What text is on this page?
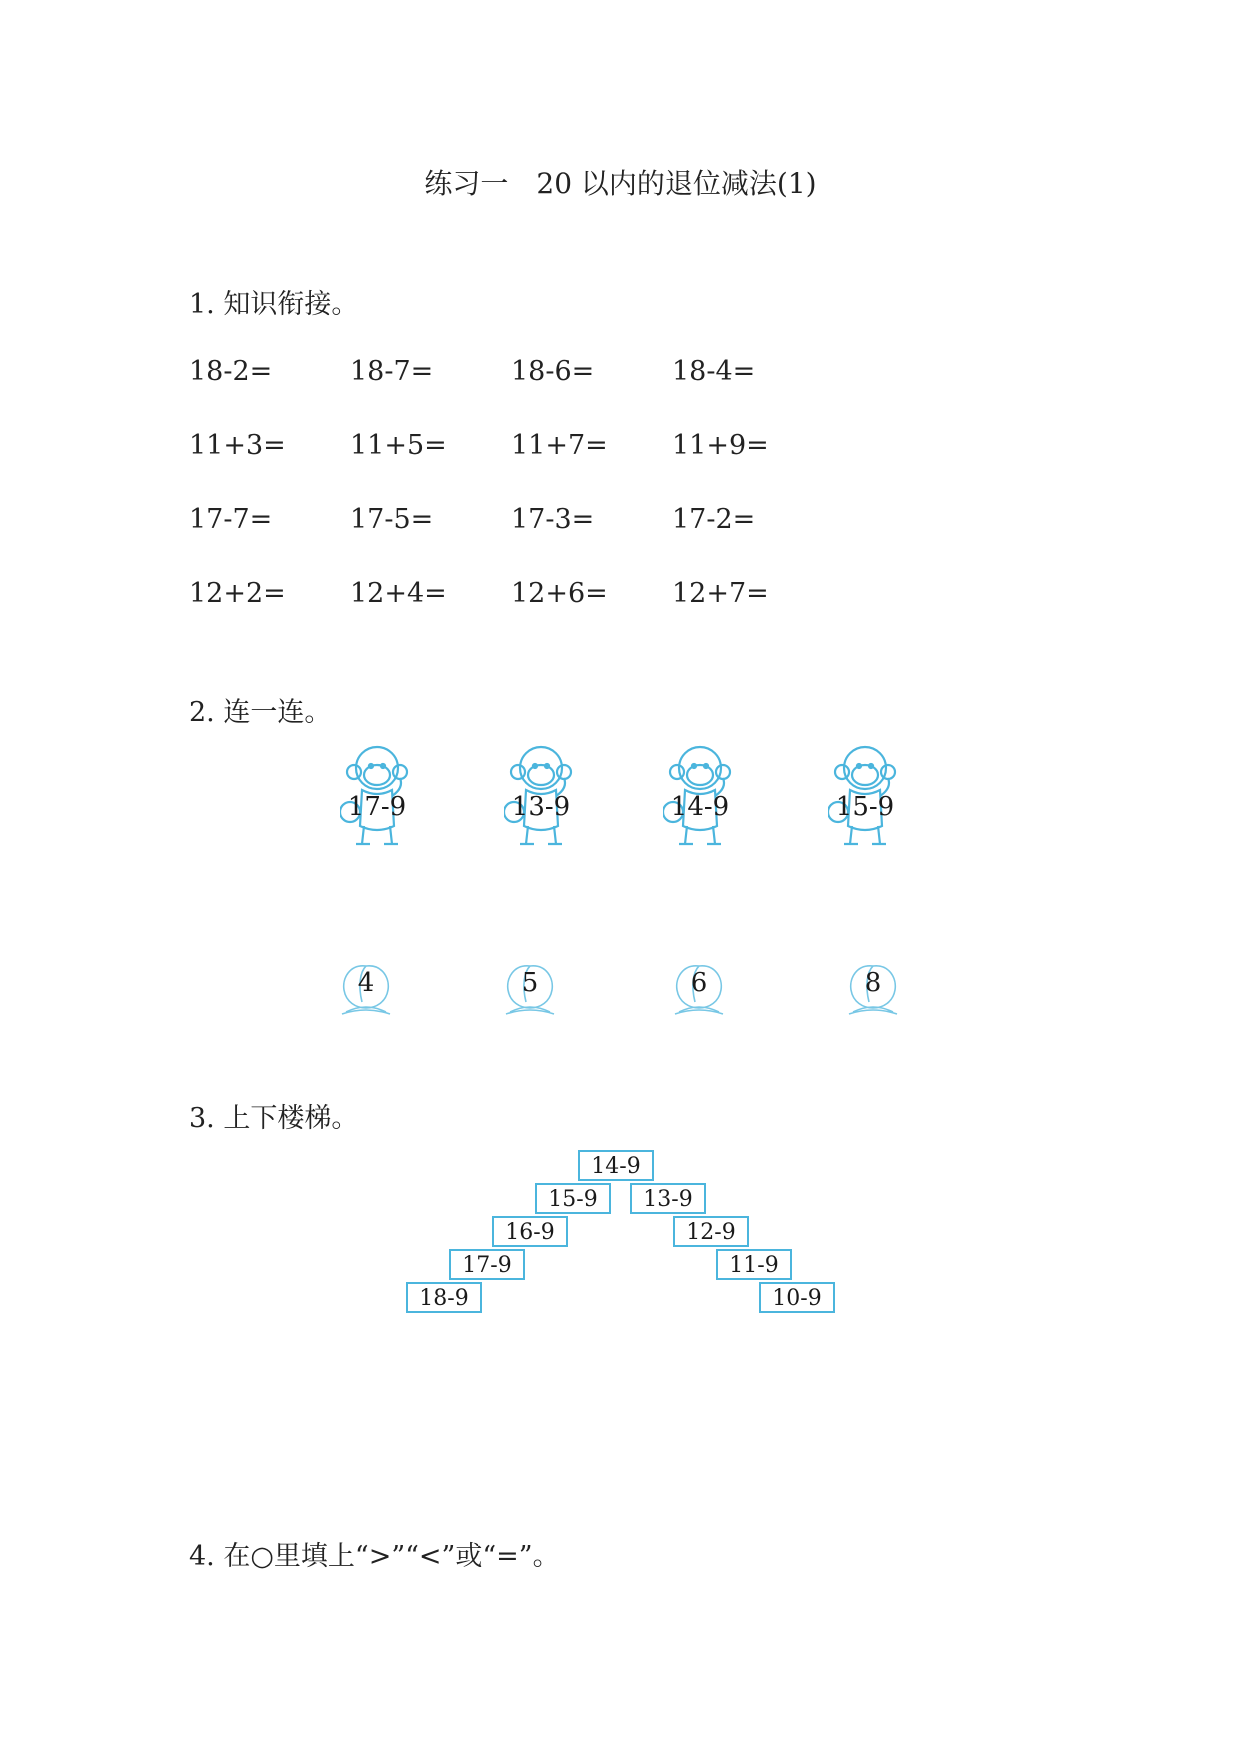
练习一　20 以内的退位减法(1)
1. 知识衔接。
18-2=	18-7=	18-6=	18-4=
11+3= 11+5= 11+7= 11+9=
17-7=	17-5=	17-3=	17-2=
12+2= 12+4= 12+6= 12+7=
2. 连一连。
17-9	13-9	14-9	15-9
4	5	6	8
3. 上下楼梯。
14-9
15-9
16-9
17-9
18-9
13-9
12-9
11-9
10-9
4. 在○里填上“>”“<”或“=”。
